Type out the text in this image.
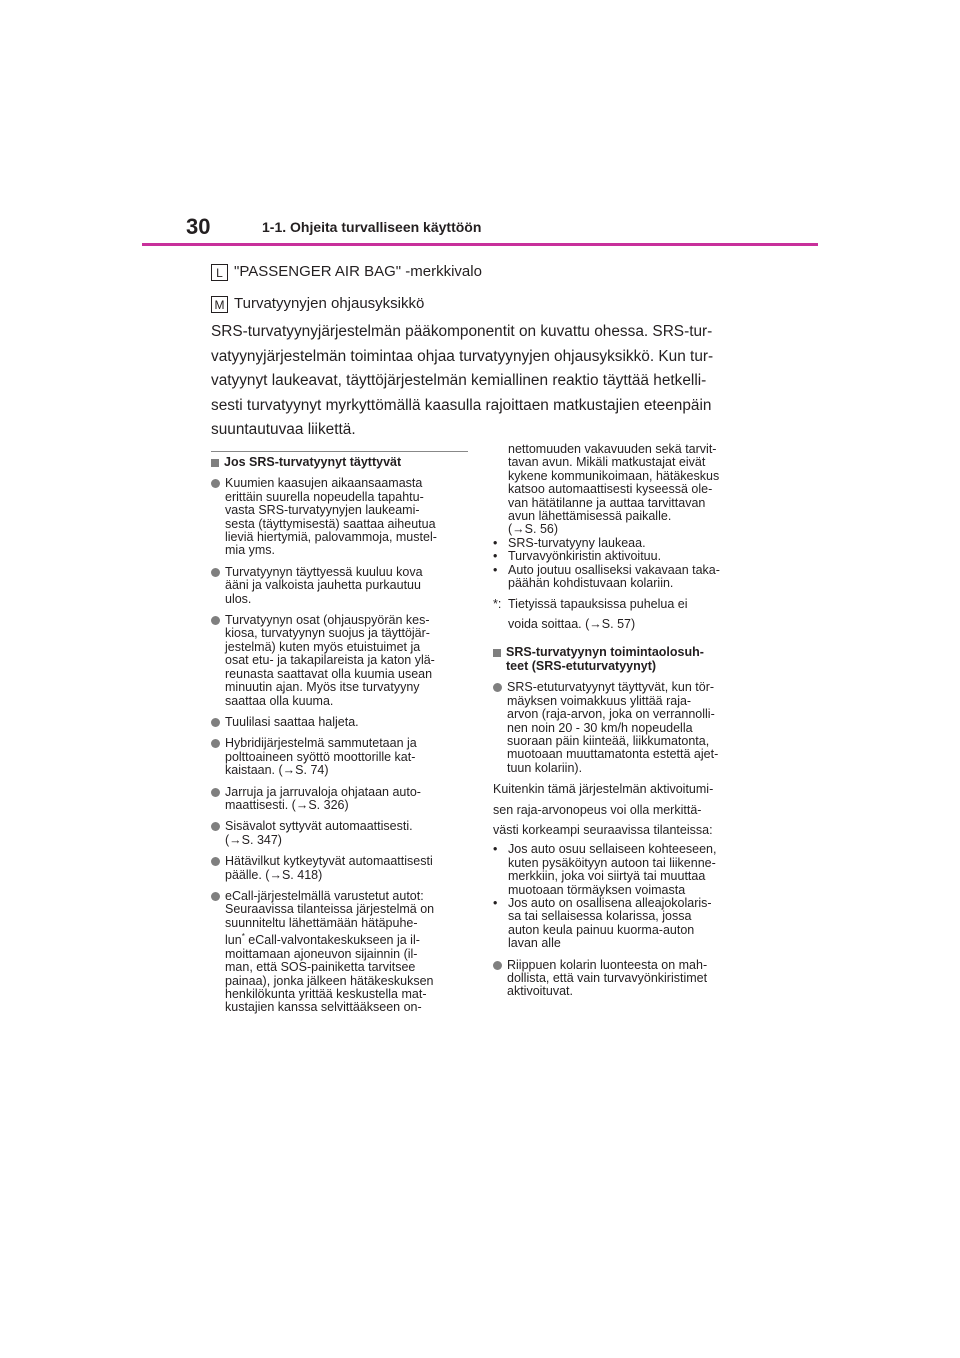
30	1-1. Ohjeita turvalliseen käyttöön
L "PASSENGER AIR BAG" -merkkivalo
M Turvatyynyjen ohjausyksikkö
SRS-turvatyynyjärjestelmän pääkomponentit on kuvattu ohessa. SRS-tur-
vatyynyjärjestelmän toimintaa ohjaa turvatyynyjen ohjausyksikkö. Kun tur-
vatyynyt laukeavat, täyttöjärjestelmän kemiallinen reaktio täyttää hetkelli-
sesti turvatyynyt myrkyttömällä kaasulla rajoittaen matkustajien eteenpäin
suuntautuvaa liikettä.
Jos SRS-turvatyynyt täyttyvät
Kuumien kaasujen aikaansaamasta
erittäin suurella nopeudella tapahtu-
vasta SRS-turvatyynyjen laukeami-
sesta (täyttymisestä) saattaa aiheutua
lieviä hiertymiä, palovammoja, mustel-
mia yms.
Turvatyynyn täyttyessä kuuluu kova
ääni ja valkoista jauhetta purkautuu
ulos.
Turvatyynyn osat (ohjauspyörän kes-
kiosa, turvatyynyn suojus ja täyttöjär-
jestelmä) kuten myös etuistuimet ja
osat etu- ja takapilareista ja katon ylä-
reunasta saattavat olla kuumia usean
minuutin ajan. Myös itse turvatyyny
saattaa olla kuuma.
Tuulilasi saattaa haljeta.
Hybridijärjestelmä sammutetaan ja
polttoaineen syöttö moottorille kat-
kaistaan. (→S. 74)
Jarruja ja jarruvaloja ohjataan auto-
maattisesti. (→S. 326)
Sisävalot syttyvät automaattisesti.
(→S. 347)
Hätävilkut kytkeytyvät automaattisesti
päälle. (→S. 418)
eCall-järjestelmällä varustetut autot:
Seuraavissa tilanteissa järjestelmä on
suunniteltu lähettämään hätäpuhe-
lun* eCall-valvontakeskukseen ja il-
moittamaan ajoneuvon sijainnin (il-
man, että SOS-painiketta tarvitsee
painaa), jonka jälkeen hätäkeskuksen
henkilökunta yrittää keskustella mat-
kustajien kanssa selvittääkseen on-
nettomuuden vakavuuden sekä tarvit-
tavan avun. Mikäli matkustajat eivät
kykene kommunikoimaan, hätäkeskus
katsoo automaattisesti kyseessä ole-
van hätätilanne ja auttaa tarvittavan
avun lähettämisessä paikalle.
(→S. 56)
• SRS-turvatyyny laukeaa.
• Turvavyönkiristin aktivoituu.
• Auto joutuu osalliseksi vakavaan taka-
päähän kohdistuvaan kolariin.
*: Tietyissä tapauksissa puhelua ei
voida soittaa. (→S. 57)
SRS-turvatyynyn toimintaolosuh-
teet (SRS-etuturvatyynyt)
SRS-etuturvatyynyt täyttyvät, kun tör-
mäyksen voimakkuus ylittää raja-
arvon (raja-arvon, joka on verrannolli-
nen noin 20 - 30 km/h nopeudella
suoraan päin kiinteää, liikkumatonta,
muotoaan muuttamatonta estettä ajet-
tuun kolariin).
Kuitenkin tämä järjestelmän aktivoitumi-
sen raja-arvonopeus voi olla merkittä-
västi korkeampi seuraavissa tilanteissa:
• Jos auto osuu sellaiseen kohteeseen,
kuten pysäköityyn autoon tai liikenne-
merkkiin, joka voi siirtyä tai muuttaa
muotoaan törmäyksen voimasta
• Jos auto on osallisena alleajokolaris-
sa tai sellaisessa kolarissa, jossa
auton keula painuu kuorma-auton
lavan alle
Riippuen kolarin luonteesta on mah-
dollista, että vain turvavyönkiristimet
aktivoituvat.
